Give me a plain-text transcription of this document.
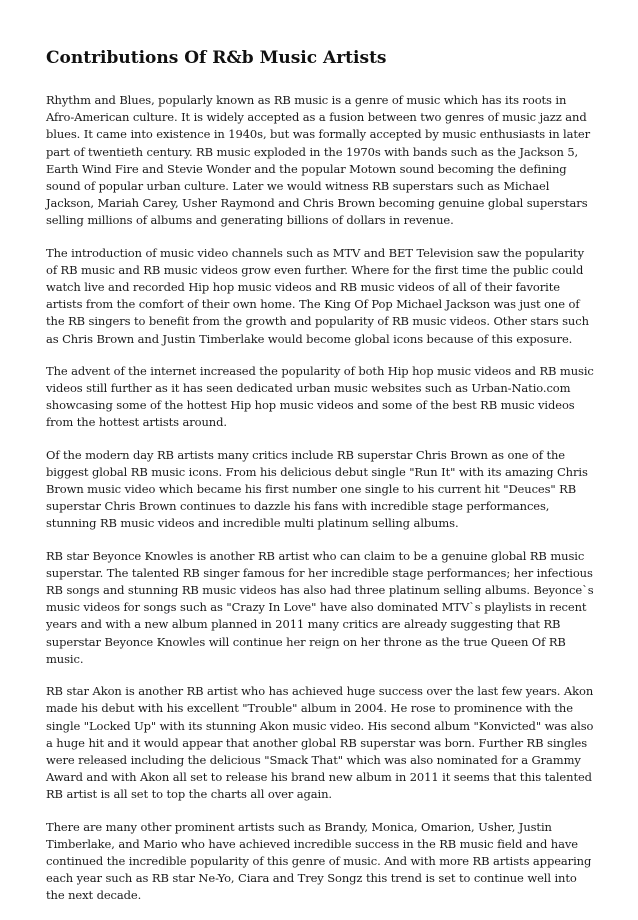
Contributions Of R&b Music Artists

Rhythm and Blues, popularly known as RB music is a genre of music which has its roots in Afro-American culture. It is widely accepted as a fusion between two genres of music jazz and blues. It came into existence in 1940s, but was formally accepted by music enthusiasts in later part of twentieth century. RB music exploded in the 1970s with bands such as the Jackson 5, Earth Wind Fire and Stevie Wonder and the popular Motown sound becoming the defining sound of popular urban culture. Later we would witness RB superstars such as Michael Jackson, Mariah Carey, Usher Raymond and Chris Brown becoming genuine global superstars selling millions of albums and generating billions of dollars in revenue.

The introduction of music video channels such as MTV and BET Television saw the popularity of RB music and RB music videos grow even further. Where for the first time the public could watch live and recorded Hip hop music videos and RB music videos of all of their favorite artists from the comfort of their own home. The King Of Pop Michael Jackson was just one of the RB singers to benefit from the growth and popularity of RB music videos. Other stars such as Chris Brown and Justin Timberlake would become global icons because of this exposure.

The advent of the internet increased the popularity of both Hip hop music videos and RB music videos still further as it has seen dedicated urban music websites such as Urban-Natio.com showcasing some of the hottest Hip hop music videos and some of the best RB music videos from the hottest artists around.

Of the modern day RB artists many critics include RB superstar Chris Brown as one of the biggest global RB music icons. From his delicious debut single "Run It" with its amazing Chris Brown music video which became his first number one single to his current hit "Deuces" RB superstar Chris Brown continues to dazzle his fans with incredible stage performances, stunning RB music videos and incredible multi platinum selling albums.

RB star Beyonce Knowles is another RB artist who can claim to be a genuine global RB music superstar. The talented RB singer famous for her incredible stage performances; her infectious RB songs and stunning RB music videos has also had three platinum selling albums. Beyonce`s music videos for songs such as "Crazy In Love" have also dominated MTV`s playlists in recent years and with a new album planned in 2011 many critics are already suggesting that RB superstar Beyonce Knowles will continue her reign on her throne as the true Queen Of RB music.

RB star Akon is another RB artist who has achieved huge success over the last few years. Akon made his debut with his excellent "Trouble" album in 2004. He rose to prominence with the single "Locked Up" with its stunning Akon music video. His second album "Konvicted" was also a huge hit and it would appear that another global RB superstar was born. Further RB singles were released including the delicious "Smack That" which was also nominated for a Grammy Award and with Akon all set to release his brand new album in 2011 it seems that this talented RB artist is all set to top the charts all over again.

There are many other prominent artists such as Brandy, Monica, Omarion, Usher, Justin Timberlake, and Mario who have achieved incredible success in the RB music field and have continued the incredible popularity of this genre of music. And with more RB artists appearing each year such as RB star Ne-Yo, Ciara and Trey Songz this trend is set to continue well into the next decade.
